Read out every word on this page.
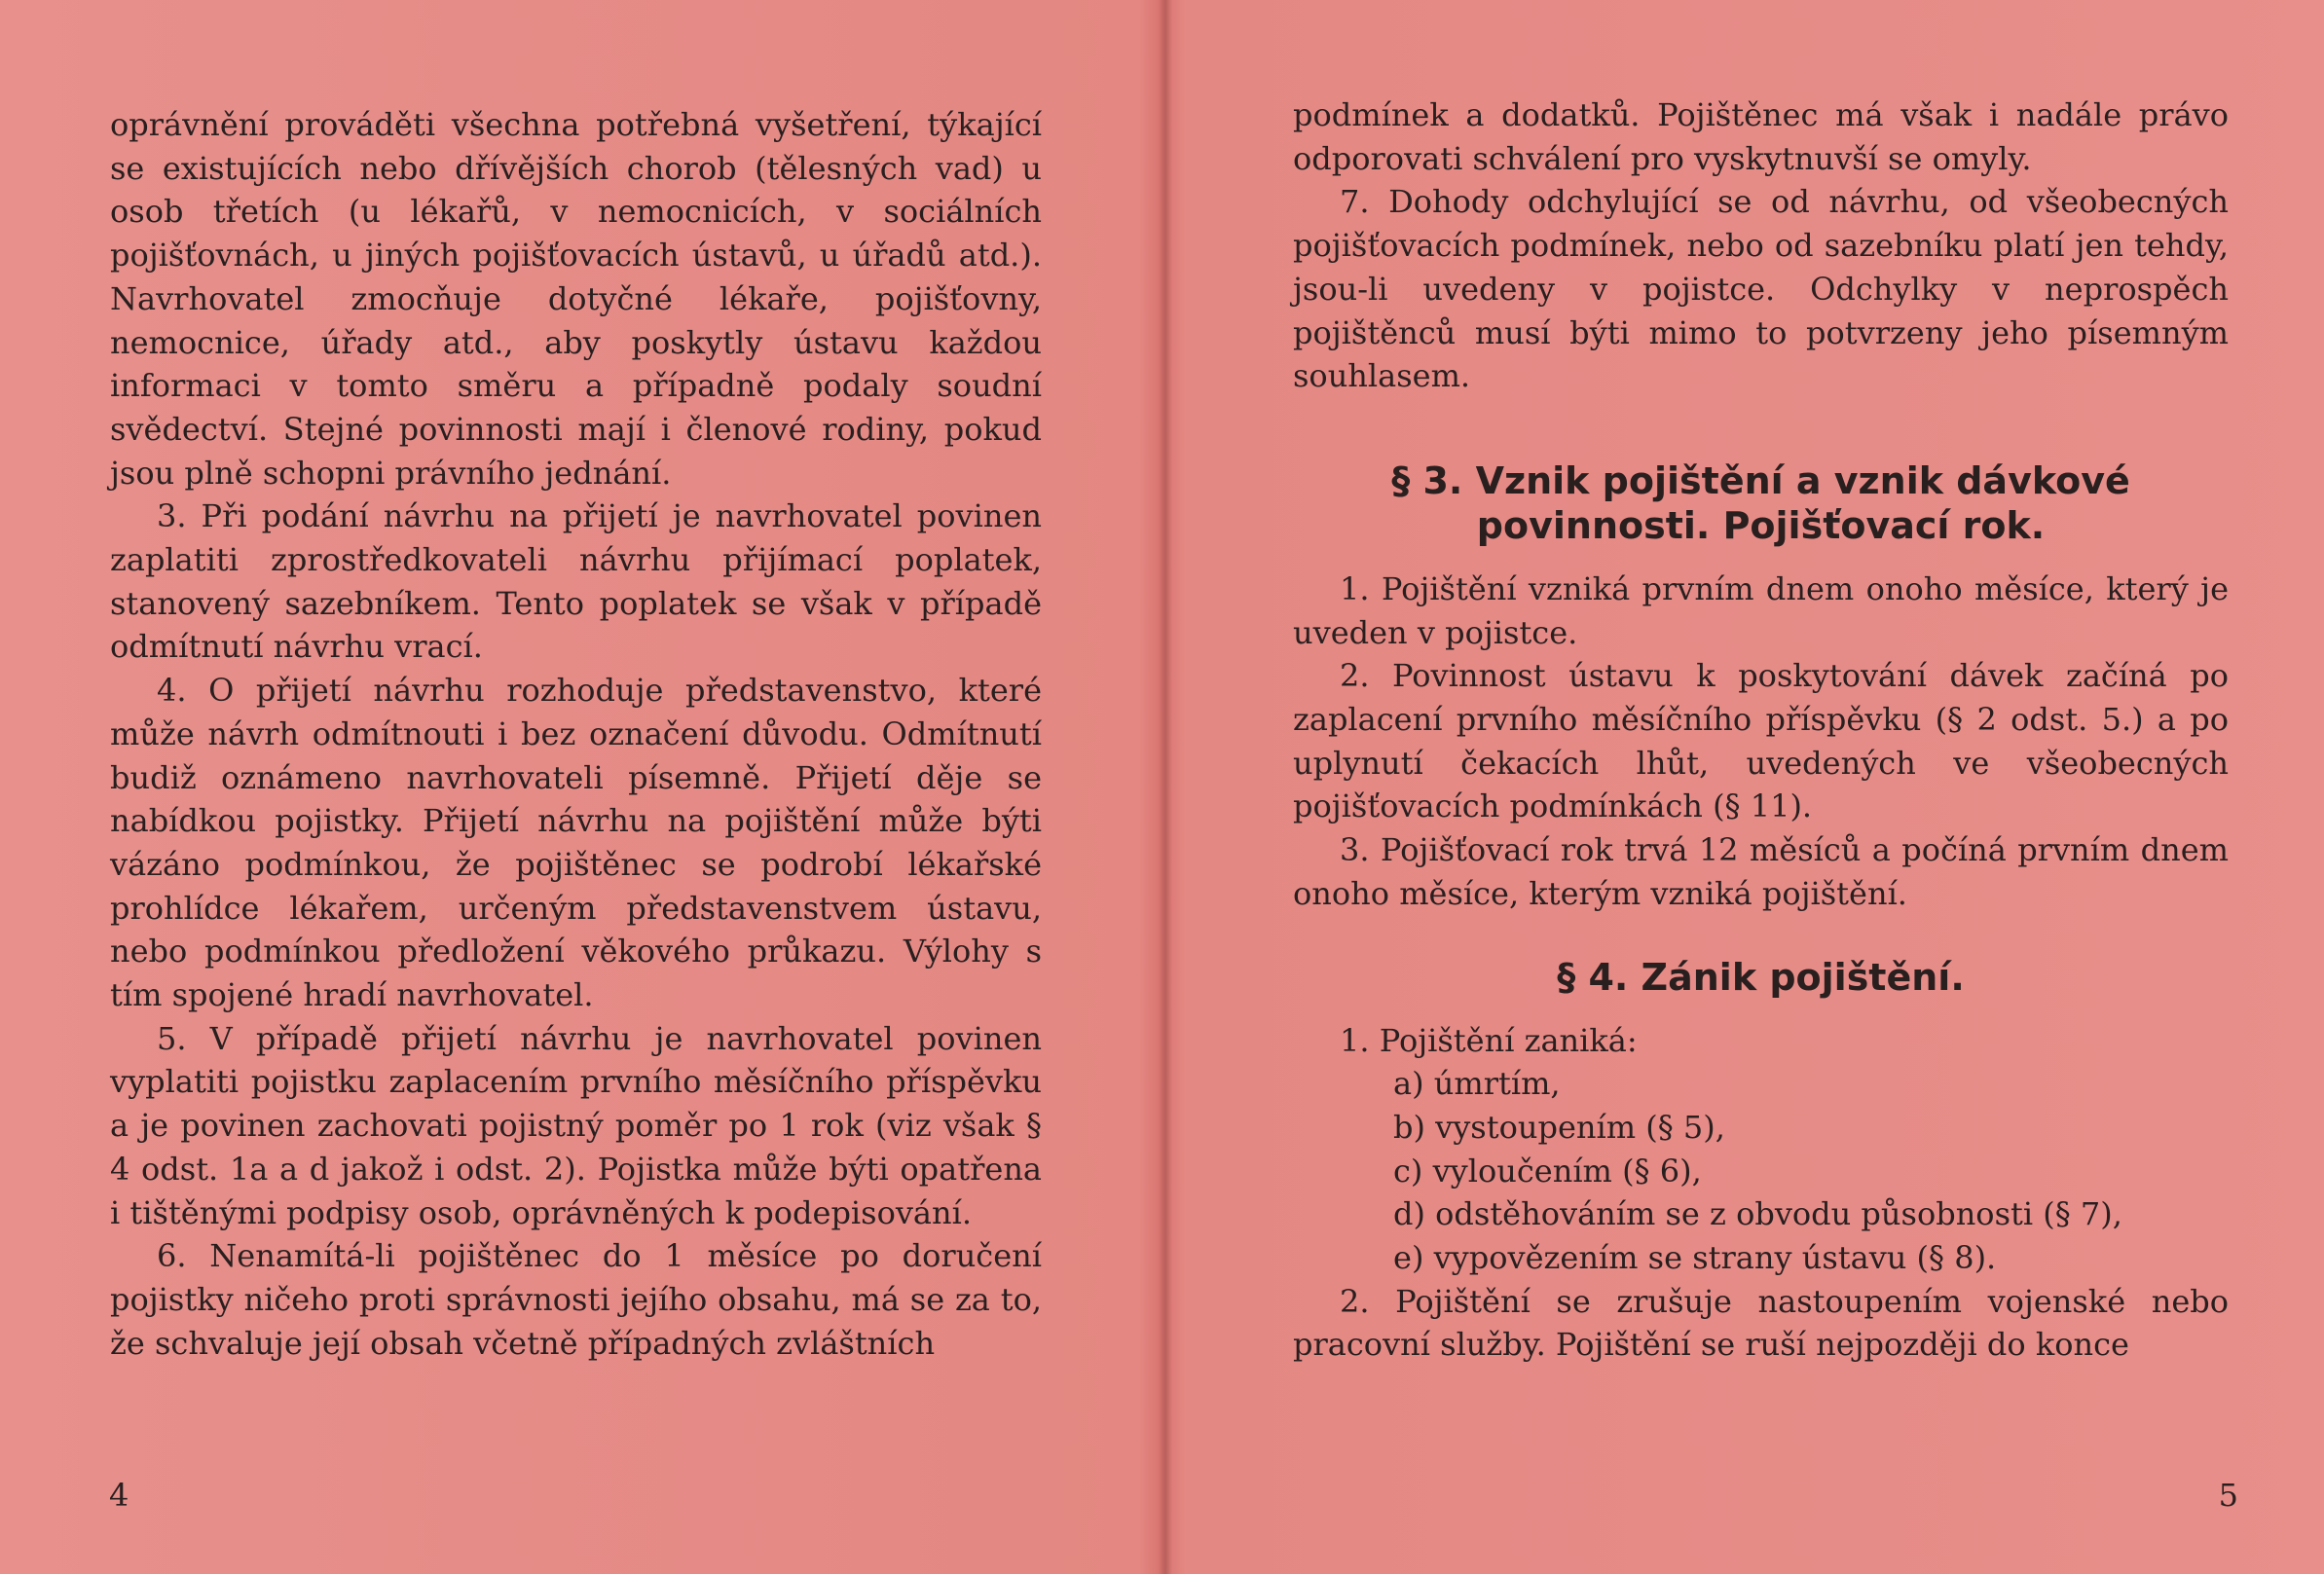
oprávnění prováděti všechna potřebná vyšetření, týkající se existujících nebo dřívějších chorob (tělesných vad) u osob třetích (u lékařů, v nemocnicích, v sociálních pojišťovnách, u jiných pojišťovacích ústavů, u úřadů atd.). Navrhovatel zmocňuje dotyčné lékaře, pojišťovny, nemocnice, úřady atd., aby poskytly ústavu každou informaci v tomto směru a případně podaly soudní svědectví. Stejné povinnosti mají i členové rodiny, pokud jsou plně schopni právního jednání.

3. Při podání návrhu na přijetí je navrhovatel povinen zaplatiti zprostředkovateli návrhu přijímací poplatek, stanovený sazebníkem. Tento poplatek se však v případě odmítnutí návrhu vrací.

4. O přijetí návrhu rozhoduje představenstvo, které může návrh odmítnouti i bez označení důvodu. Odmítnutí budiž oznámeno navrhovateli písemně. Přijetí děje se nabídkou pojistky. Přijetí návrhu na pojištění může býti vázáno podmínkou, že pojištěnec se podrobí lékařské prohlídce lékařem, určeným představenstvem ústavu, nebo podmínkou předložení věkového průkazu. Výlohy s tím spojené hradí navrhovatel.

5. V případě přijetí návrhu je navrhovatel povinen vyplatiti pojistku zaplacením prvního měsíčního příspěvku a je povinen zachovati pojistný poměr po 1 rok (viz však § 4 odst. 1a a d jakož i odst. 2). Pojistka může býti opatřena i tištěnými podpisy osob, oprávněných k podepisování.

6. Nenamítá-li pojištěnec do 1 měsíce po doručení pojistky ničeho proti správnosti jejího obsahu, má se za to, že schvaluje její obsah včetně případných zvláštních

4

podmínek a dodatků. Pojištěnec má však i nadále právo odporovati schválení pro vyskytnuvší se omyly.

7. Dohody odchylující se od návrhu, od všeobecných pojišťovacích podmínek, nebo od sazebníku platí jen tehdy, jsou-li uvedeny v pojistce. Odchylky v neprospěch pojištěnců musí býti mimo to potvrzeny jeho písemným souhlasem.

§ 3. Vznik pojištění a vznik dávkové
povinnosti. Pojišťovací rok.

1. Pojištění vzniká prvním dnem onoho měsíce, který je uveden v pojistce.

2. Povinnost ústavu k poskytování dávek začíná po zaplacení prvního měsíčního příspěvku (§ 2 odst. 5.) a po uplynutí čekacích lhůt, uvedených ve všeobecných pojišťovacích podmínkách (§ 11).

3. Pojišťovací rok trvá 12 měsíců a počíná prvním dnem onoho měsíce, kterým vzniká pojištění.

§ 4. Zánik pojištění.

1. Pojištění zaniká:

a) úmrtím,

b) vystoupením (§ 5),

c) vyloučením (§ 6),

d) odstěhováním se z obvodu působnosti (§ 7),

e) vypovězením se strany ústavu (§ 8).

2. Pojištění se zrušuje nastoupením vojenské nebo pracovní služby. Pojištění se ruší nejpozději do konce

5
